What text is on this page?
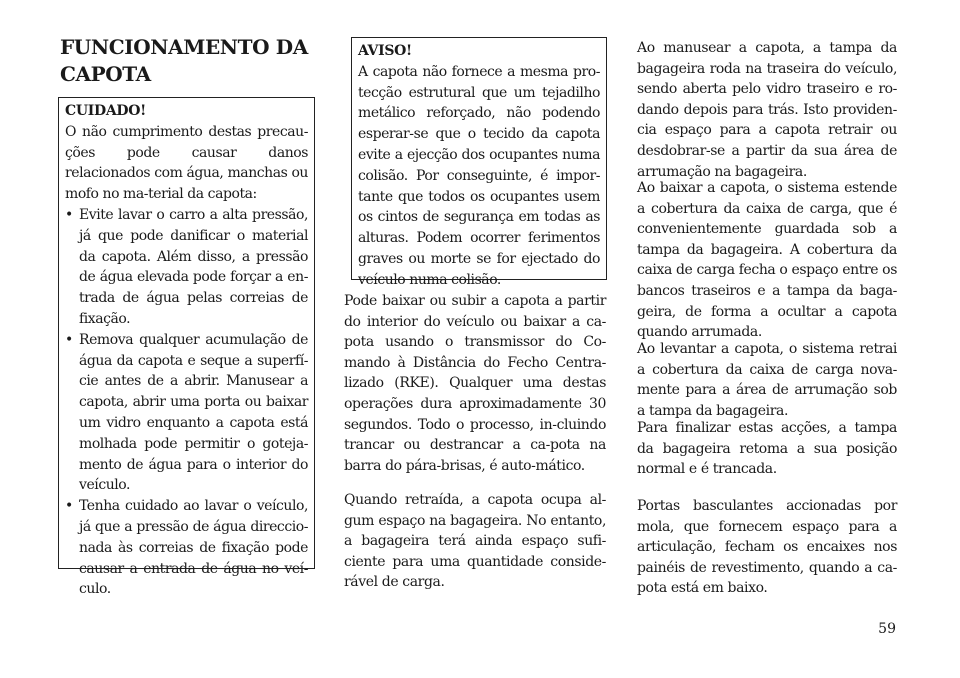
FUNCIONAMENTO DA CAPOTA
CUIDADO!
O não cumprimento destas precau-ções pode causar danos relacionados com água, manchas ou mofo no ma-terial da capota:
• Evite lavar o carro a alta pressão, já que pode danificar o material da capota. Além disso, a pressão de água elevada pode forçar a en-trada de água pelas correias de fixação.
• Remova qualquer acumulação de água da capota e seque a superfí-cie antes de a abrir. Manusear a capota, abrir uma porta ou baixar um vidro enquanto a capota está molhada pode permitir o goteja-mento de água para o interior do veículo.
• Tenha cuidado ao lavar o veículo, já que a pressão de água direccio-nada às correias de fixação pode causar a entrada de água no veí-culo.
AVISO!
A capota não fornece a mesma pro-tecção estrutural que um tejadilho metálico reforçado, não podendo esperar-se que o tecido da capota evite a ejecção dos ocupantes numa colisão. Por conseguinte, é impor-tante que todos os ocupantes usem os cintos de segurança em todas as alturas. Podem ocorrer ferimentos graves ou morte se for ejectado do veículo numa colisão.

Pode baixar ou subir a capota a partir do interior do veículo ou baixar a ca-pota usando o transmissor do Co-mando à Distância do Fecho Centra-lizado (RKE). Qualquer uma destas operações dura aproximadamente 30 segundos. Todo o processo, in-cluindo trancar ou destrancar a ca-pota na barra do pára-brisas, é auto-mático.

Quando retraída, a capota ocupa al-gum espaço na bagageira. No entanto, a bagageira terá ainda espaço sufi-ciente para uma quantidade conside-rável de carga.

Ao manusear a capota, a tampa da bagageira roda na traseira do veículo, sendo aberta pelo vidro traseiro e ro-dando depois para trás. Isto providen-cia espaço para a capota retrair ou desdobrar-se a partir da sua área de arrumação na bagageira.

Ao baixar a capota, o sistema estende a cobertura da caixa de carga, que é convenientemente guardada sob a tampa da bagageira. A cobertura da caixa de carga fecha o espaço entre os bancos traseiros e a tampa da baga-geira, de forma a ocultar a capota quando arrumada.

Ao levantar a capota, o sistema retrai a cobertura da caixa de carga nova-mente para a área de arrumação sob a tampa da bagageira.

Para finalizar estas acções, a tampa da bagageira retoma a sua posição normal e é trancada.

Portas basculantes accionadas por mola, que fornecem espaço para a articulação, fecham os encaixes nos painéis de revestimento, quando a ca-pota está em baixo.

59
